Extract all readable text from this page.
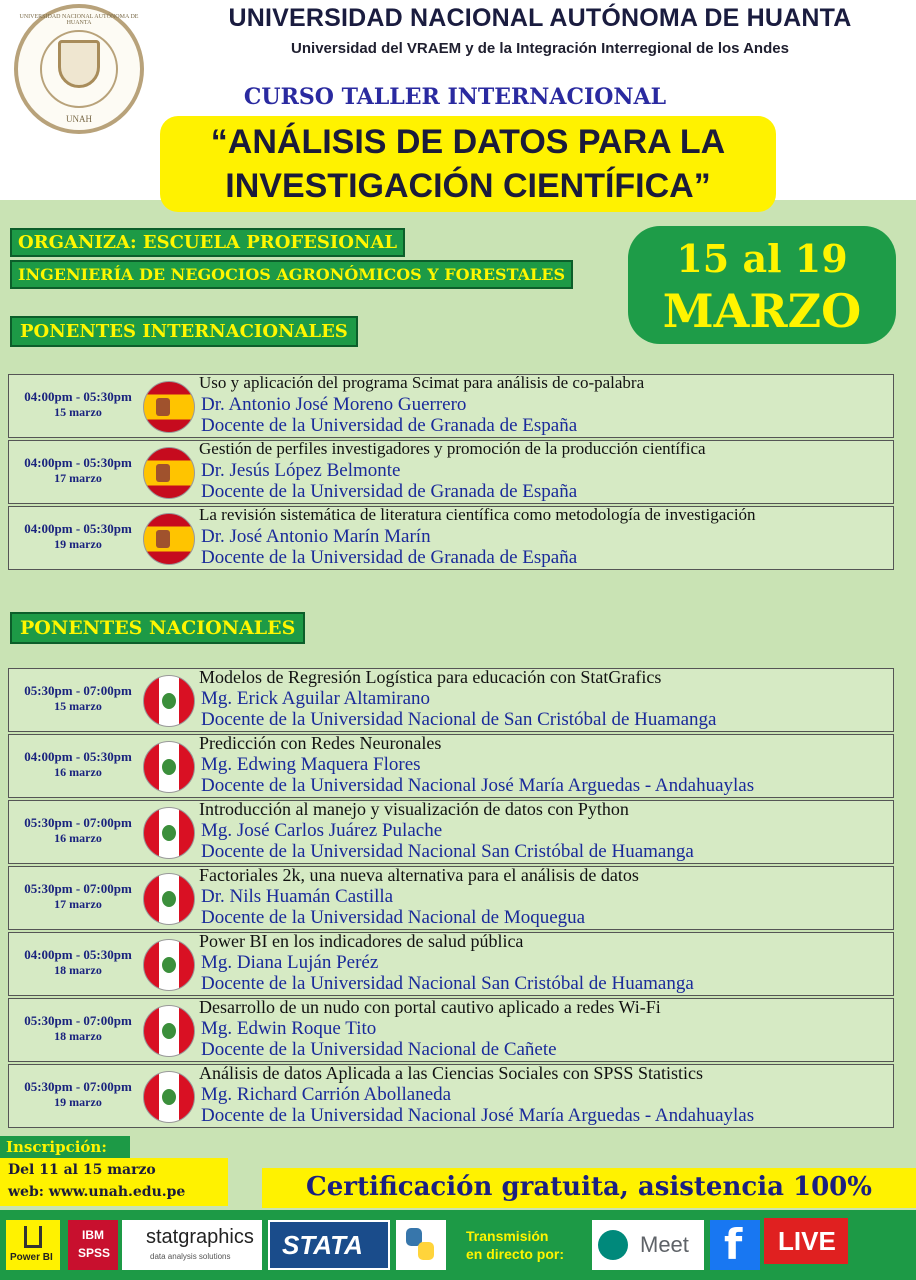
UNIVERSIDAD NACIONAL AUTÓNOMA DE HUANTA
UNAH
UNIVERSIDAD NACIONAL AUTÓNOMA DE HUANTA
Universidad del VRAEM y de la Integración Interregional de los Andes
CURSO TALLER INTERNACIONAL
“ANÁLISIS DE DATOS PARA LA
INVESTIGACIÓN CIENTÍFICA”
ORGANIZA: ESCUELA PROFESIONAL
INGENIERÍA DE NEGOCIOS AGRONÓMICOS Y FORESTALES	15 al 19
MARZO
PONENTES INTERNACIONALES
04:00pm - 05:30pm
15 marzo
Uso y aplicación del programa Scimat para análisis de co-palabra
Dr. Antonio José Moreno Guerrero
Docente de la Universidad de Granada de España
04:00pm - 05:30pm
17 marzo
Gestión de perfiles investigadores y promoción de la producción científica
Dr. Jesús López Belmonte
Docente de la Universidad de Granada de España
04:00pm - 05:30pm
19 marzo
La revisión sistemática de literatura científica como metodología de investigación
Dr. José Antonio Marín Marín
Docente de la Universidad de Granada de España
PONENTES NACIONALES
05:30pm - 07:00pm
15 marzo
Modelos de Regresión Logística para educación con StatGrafics
Mg. Erick Aguilar Altamirano
Docente de la Universidad Nacional de San Cristóbal de Huamanga
04:00pm - 05:30pm
16 marzo
Predicción con Redes Neuronales
Mg. Edwing Maquera Flores
Docente de la Universidad Nacional José María Arguedas - Andahuaylas
05:30pm - 07:00pm
16 marzo
Introducción al manejo y visualización de datos con Python
Mg. José Carlos Juárez Pulache
Docente de la Universidad Nacional San Cristóbal de Huamanga
05:30pm - 07:00pm
17 marzo
Factoriales 2k, una nueva alternativa para el análisis de datos
Dr. Nils Huamán Castilla
Docente de la Universidad Nacional de Moquegua
04:00pm - 05:30pm
18 marzo
Power BI en los indicadores de salud pública
Mg. Diana Luján Peréz
Docente de la Universidad Nacional San Cristóbal de Huamanga
05:30pm - 07:00pm
18 marzo
Desarrollo de un nudo con portal cautivo aplicado a redes Wi-Fi
Mg. Edwin Roque Tito
Docente de la Universidad Nacional de Cañete
05:30pm - 07:00pm
19 marzo
Análisis de datos Aplicada a las Ciencias Sociales con SPSS Statistics
Mg. Richard Carrión Abollaneda
Docente de la Universidad Nacional José María Arguedas - Andahuaylas
Inscripción:
Del 11 al 15 marzo
web: www.unah.edu.pe	Certificación gratuita, asistencia 100%
Power BI
IBM
SPSS
statgraphics
data analysis solutions STATA	Transmisión
en directo por:	Meet f LIVE
